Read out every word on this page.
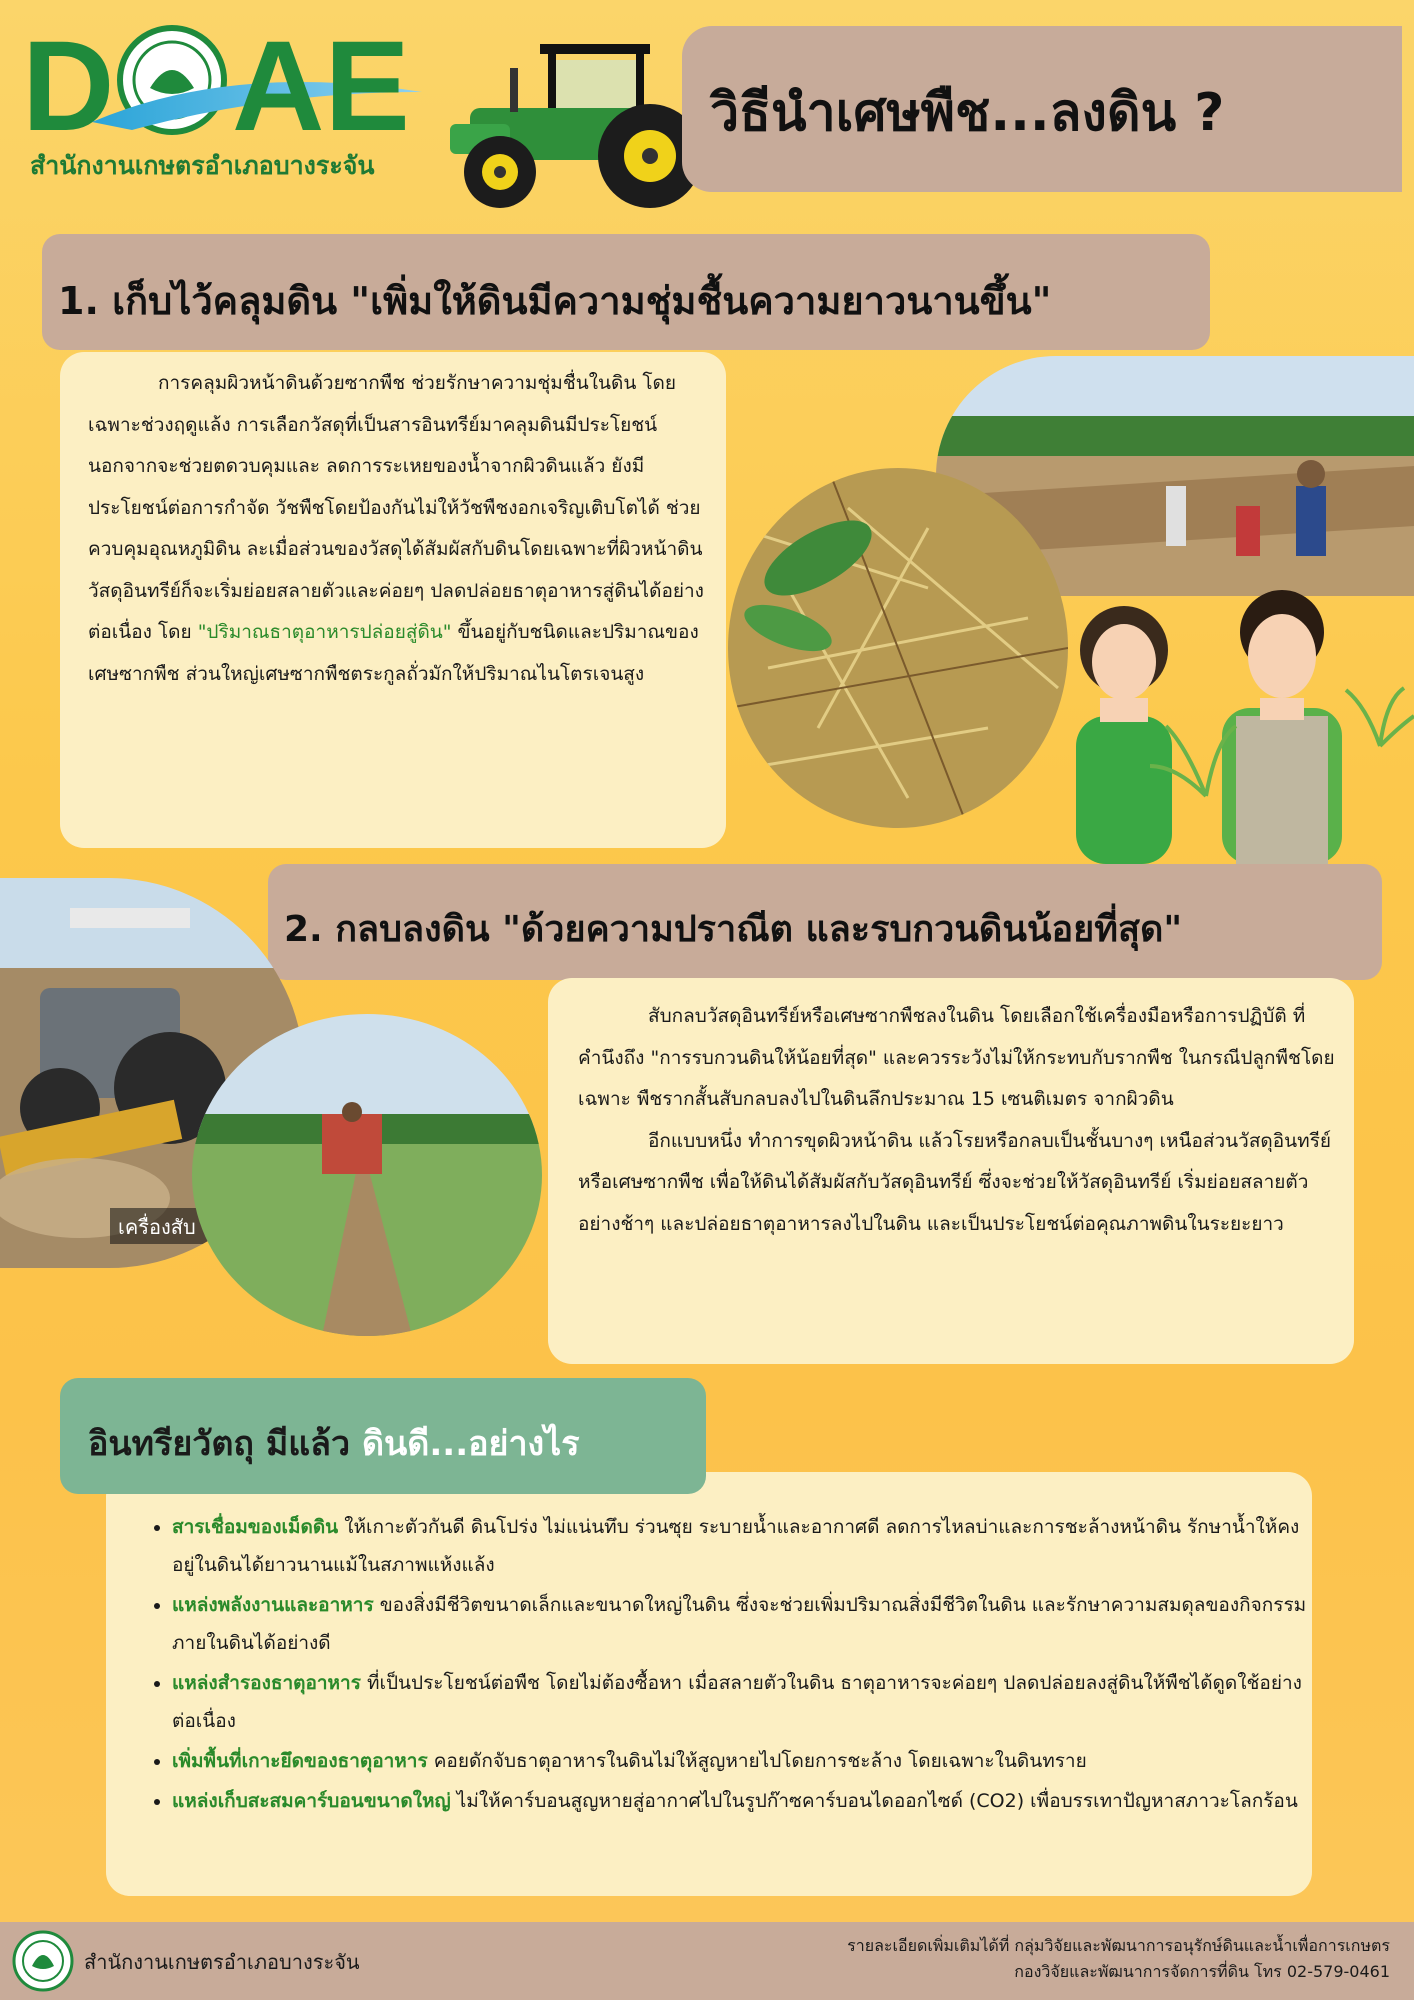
D AE
สำนักงานเกษตรอำเภอบางระจัน
วิธีนำเศษพืช...ลงดิน ?
1. เก็บไว้คลุมดิน "เพิ่มให้ดินมีความชุ่มชื้นความยาวนานขึ้น"
การคลุมผิวหน้าดินด้วยซากพืช ช่วยรักษาความชุ่มชื่นในดิน โดยเฉพาะช่วงฤดูแล้ง การเลือกวัสดุที่เป็นสารอินทรีย์มาคลุมดินมีประโยชน์ นอกจากจะช่วยตดวบคุมและ ลดการระเหยของน้ำจากผิวดินแล้ว ยังมีประโยชน์ต่อการกำจัด วัชพืชโดยป้องกันไม่ให้วัชพืชงอกเจริญเติบโตได้ ช่วยควบคุมอุณหภูมิดิน ละเมื่อส่วนของวัสดุได้สัมผัสกับดินโดยเฉพาะที่ผิวหน้าดินวัสดุอินทรีย์ก็จะเริ่มย่อยสลายตัวและค่อยๆ ปลดปล่อยธาตุอาหารสู่ดินได้อย่างต่อเนื่อง โดย "ปริมาณธาตุอาหารปล่อยสู่ดิน" ขึ้นอยู่กับชนิดและปริมาณของเศษซากพืช ส่วนใหญ่เศษซากพืชตระกูลถั่วมักให้ปริมาณไนโตรเจนสูง
2. กลบลงดิน "ด้วยความปราณีต และรบกวนดินน้อยที่สุด"
เครื่องสับ
สับกลบวัสดุอินทรีย์หรือเศษซากพืชลงในดิน โดยเลือกใช้เครื่องมือหรือการปฏิบัติ ที่คำนึงถึง "การรบกวนดินให้น้อยที่สุด" และควรระวังไม่ให้กระทบกับรากพืช ในกรณีปลูกพืชโดยเฉพาะ พืชรากสั้นสับกลบลงไปในดินลึกประมาณ 15 เซนติเมตร จากผิวดิน
อีกแบบหนึ่ง ทำการขุดผิวหน้าดิน แล้วโรยหรือกลบเป็นชั้นบางๆ เหนือส่วนวัสดุอินทรีย์หรือเศษซากพืช เพื่อให้ดินได้สัมผัสกับวัสดุอินทรีย์ ซึ่งจะช่วยให้วัสดุอินทรีย์ เริ่มย่อยสลายตัวอย่างช้าๆ และปล่อยธาตุอาหารลงไปในดิน และเป็นประโยชน์ต่อคุณภาพดินในระยะยาว
อินทรียวัตถุ มีแล้ว ดินดี...อย่างไร
• สารเชื่อมของเม็ดดิน ให้เกาะตัวกันดี ดินโปร่ง ไม่แน่นทึบ ร่วนซุย ระบายน้ำและอากาศดี ลดการไหลบ่าและการชะล้างหน้าดิน รักษาน้ำให้คงอยู่ในดินได้ยาวนานแม้ในสภาพแห้งแล้ง
• แหล่งพลังงานและอาหาร ของสิ่งมีชีวิตขนาดเล็กและขนาดใหญ่ในดิน ซึ่งจะช่วยเพิ่มปริมาณสิ่งมีชีวิตในดิน และรักษาความสมดุลของกิจกรรมภายในดินได้อย่างดี
• แหล่งสำรองธาตุอาหาร ที่เป็นประโยชน์ต่อพืช โดยไม่ต้องซื้อหา เมื่อสลายตัวในดิน ธาตุอาหารจะค่อยๆ ปลดปล่อยลงสู่ดินให้พืชได้ดูดใช้อย่างต่อเนื่อง
• เพิ่มพื้นที่เกาะยึดของธาตุอาหาร คอยดักจับธาตุอาหารในดินไม่ให้สูญหายไปโดยการชะล้าง โดยเฉพาะในดินทราย
• แหล่งเก็บสะสมคาร์บอนขนาดใหญ่ ไม่ให้คาร์บอนสูญหายสู่อากาศไปในรูปก๊าซคาร์บอนไดออกไซด์ (CO2) เพื่อบรรเทาปัญหาสภาวะโลกร้อน
สำนักงานเกษตรอำเภอบางระจัน
รายละเอียดเพิ่มเติมได้ที่ กลุ่มวิจัยและพัฒนาการอนุรักษ์ดินและน้ำเพื่อการเกษตร
กองวิจัยและพัฒนาการจัดการที่ดิน โทร 02-579-0461
